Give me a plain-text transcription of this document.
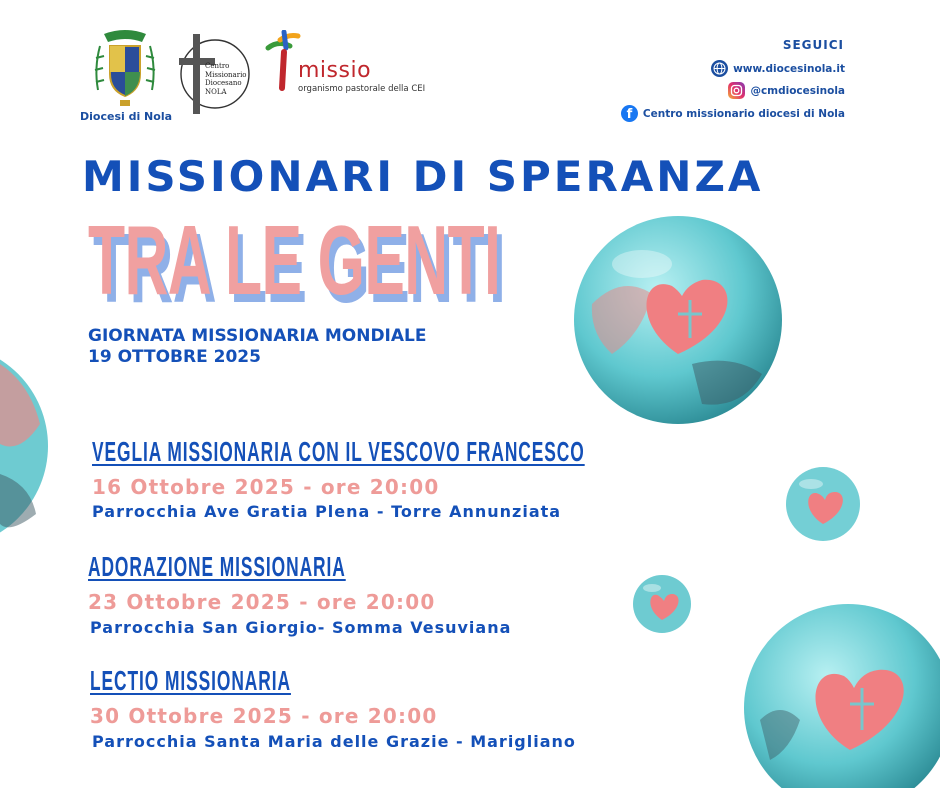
Diocesi di Nola
Centro
Missionario
Diocesano
NOLA
missio
organismo pastorale della CEI
SEGUICI
www.diocesinola.it
@cmdiocesinola
f	Centro missionario diocesi di Nola
MISSIONARI DI SPERANZA
TRA LE GENTI
GIORNATA MISSIONARIA MONDIALE
19 OTTOBRE 2025
VEGLIA MISSIONARIA CON IL VESCOVO FRANCESCO
16 Ottobre 2025 - ore 20:00
Parrocchia Ave Gratia Plena - Torre Annunziata
ADORAZIONE MISSIONARIA
23 Ottobre 2025 - ore 20:00
Parrocchia San Giorgio- Somma Vesuviana
LECTIO MISSIONARIA
30 Ottobre 2025 - ore 20:00
Parrocchia Santa Maria delle Grazie - Marigliano
